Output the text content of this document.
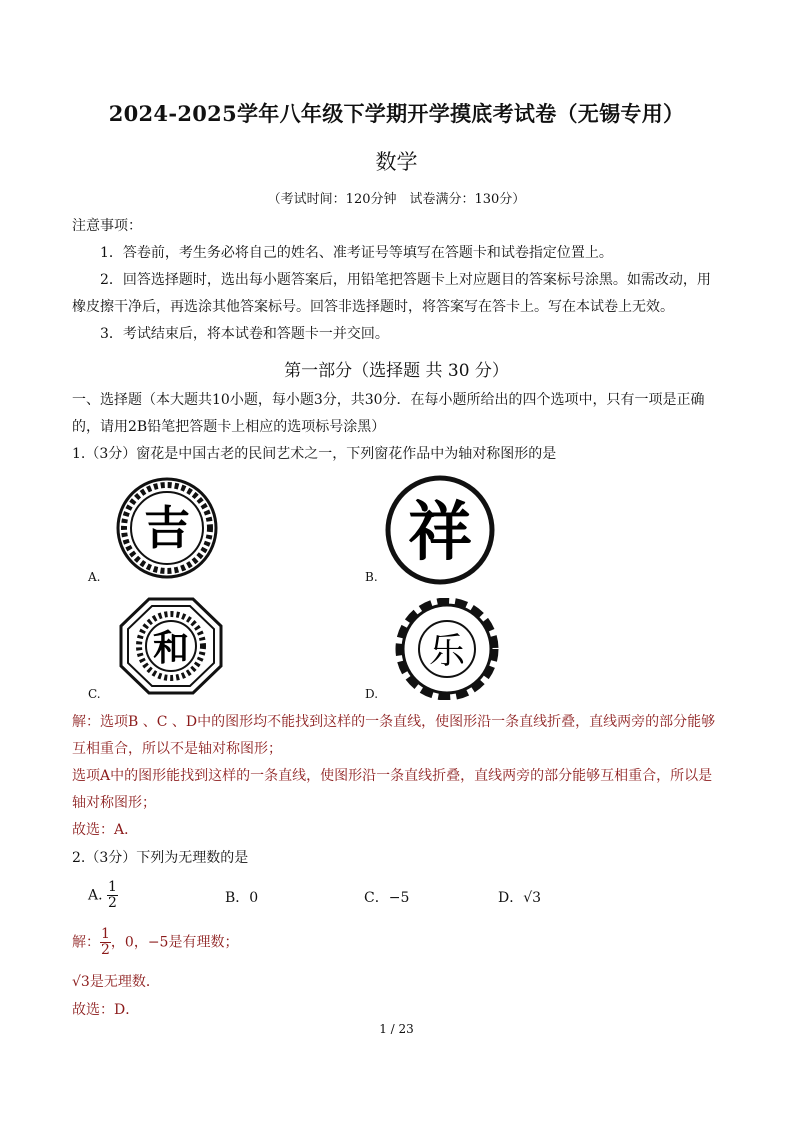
2024-2025学年八年级下学期开学摸底考试卷（无锡专用）
数学
（考试时间：120分钟　试卷满分：130分）
注意事项：
1．答卷前，考生务必将自己的姓名、准考证号等填写在答题卡和试卷指定位置上。
2．回答选择题时，选出每小题答案后，用铅笔把答题卡上对应题目的答案标号涂黑。如需改动，用
橡皮擦干净后，再选涂其他答案标号。回答非选择题时，将答案写在答卡上。写在本试卷上无效。
3．考试结束后，将本试卷和答题卡一并交回。
第一部分（选择题 共 30 分）
一、选择题（本大题共10小题，每小题3分，共30分．在每小题所给出的四个选项中，只有一项是正确
的，请用2B铅笔把答题卡上相应的选项标号涂黑）
1.（3分）窗花是中国古老的民间艺术之一，下列窗花作品中为轴对称图形的是
吉
A.
祥
B.
和
C.
乐
D.
解：选项B 、C 、D中的图形均不能找到这样的一条直线，使图形沿一条直线折叠，直线两旁的部分能够
互相重合，所以不是轴对称图形；
选项A中的图形能找到这样的一条直线，使图形沿一条直线折叠，直线两旁的部分能够互相重合，所以是
轴对称图形；
故选：A．
2.（3分）下列为无理数的是
A. $\frac{1}{2}$	B．0	C．−5	D．√3
解： $\frac{1}{2}$ ，0，−5是有理数；
√3是无理数．
故选：D．
1 / 23
